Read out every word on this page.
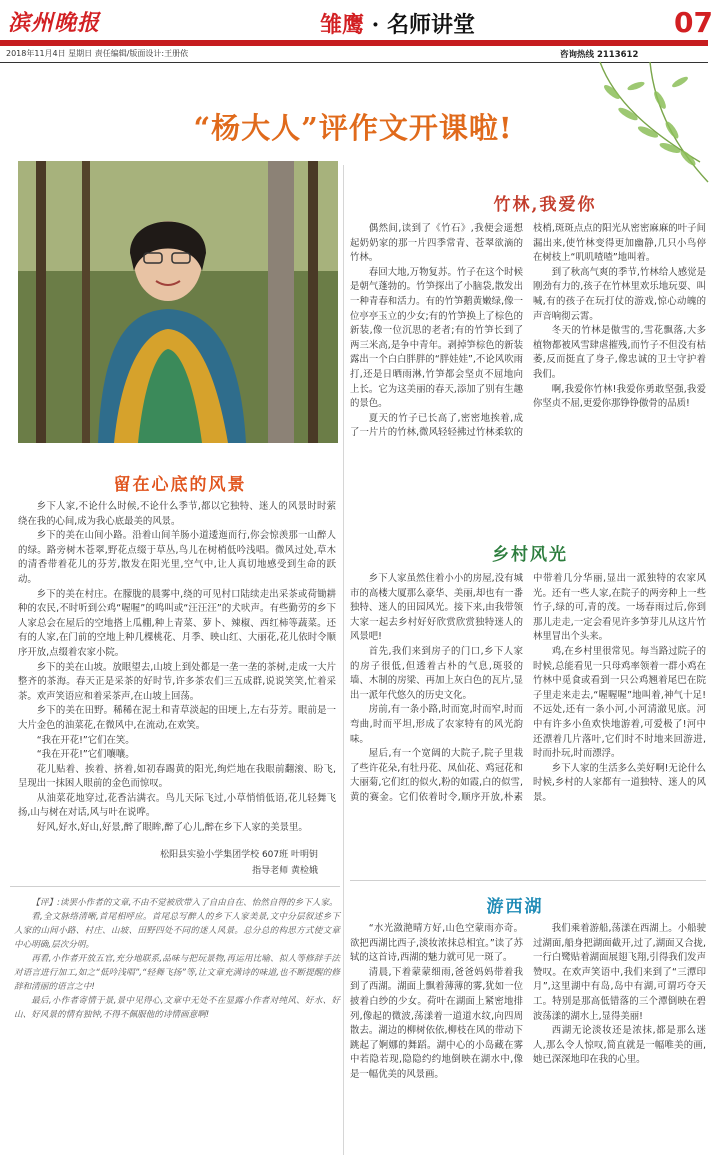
滨州晚报	雏鹰 · 名师讲堂	07
2018年11月4日 星期日 责任编辑/版面设计:王册依	咨询热线 2113612
“杨大人”评作文开课啦!
留在心底的风景

乡下人家,不论什么时候,不论什么季节,都以它独特、迷人的风景时时萦绕在我的心间,成为我心底最美的风景。

乡下的美在山间小路。沿着山间羊肠小道逶迤而行,你会惊羡那一山醉人的绿。路旁树木苍翠,野花点缀于草丛,鸟儿在树梢低吟浅唱。微风过处,草木的清香带着花儿的芬芳,散发在阳光里,空气中,让人真切地感受到生命的跃动。

乡下的美在村庄。在朦胧的晨雾中,绕的可见村口陆续走出采茶或荷锄耕种的农民,不时听到公鸡“喔喔”的鸣叫或“汪汪汪”的犬吠声。有些勤劳的乡下人家总会在屋后的空地搭上瓜棚,种上青菜、萝卜、辣椒、西红柿等蔬菜。还有的人家,在门前的空地上种几棵桃花、月季、映山红、大丽花,花儿依时令顺序开放,点缀着农家小院。

乡下的美在山坡。放眼望去,山坡上到处都是一垄一垄的茶树,走成一大片整齐的茶海。春天正是采茶的好时节,许多茶农们三五成群,说说笑笑,忙着采茶。欢声笑语应和着采茶声,在山坡上回荡。

乡下的美在田野。稀稀在泥土和青草淡起的田埂上,左右芬芳。眼前是一大片金色的油菜花,在微风中,在流动,在欢笑。

“我在开花!”它们在笑。

“我在开花!”它们嚷嚷。

花儿贴着、挨着、挤着,如初春踢黄的阳光,绚烂地在我眼前翻滚、盼飞,呈现出一抹困人眼前的金色而惊叹。

从油菜花地穿过,花香沾满衣。鸟儿天际飞过,小草悄悄低语,花儿轻舞飞扬,山与树在对话,风与叶在说哗。

好风,好水,好山,好景,醉了眼眸,醉了心儿,醉在乡下人家的美景里。

松阳县实验小学集团学校 607班 叶明钥
指导老师 黄检娥

【评】:读罢小作者的文章,不由不觉被欣带入了自由自在、怡然自得的乡下人家。

看,全文脉络清晰,首尾相呼应。首尾总写醉人的乡下人家美景,文中分层叙述乡下人家的山间小路、村庄、山坡、田野四处不同的迷人风景。总分总的构思方式使文章中心明确,层次分明。

再看,小作者开放五官,充分地联系,品味与把玩景物,再运用比喻、拟人等修辞手法对语言进行加工,如之“低吟浅唱”,“轻舞飞扬”等,让文章充满诗的味道,也不断提醒的修辞和清丽的语言之中!

最后,小作者寄情于景,景中见得心,文章中无处不在显露小作者对纯风、好水、好山、好风景的情有独钟,不得不佩服他的诗情画意啊!

竹林,我爱你

偶然间,读到了《竹石》,我便会遥想起奶奶家的那一片四季常青、苍翠欲滴的竹林。

春回大地,万物复苏。竹子在这个时候是朝气蓬勃的。竹笋探出了小脑袋,散发出一种青春和活力。有的竹笋鹅黄嫩绿,像一位亭亭玉立的少女;有的竹笋换上了棕色的新装,像一位沉思的老者;有的竹笋长到了两三米高,是争中青年。剥掉笋棕色的新装露出一个白白胖胖的“胖娃娃”,不论风吹雨打,还是日晒雨淋,竹笋都会坚贞不屈地向上长。它为这美丽的春天,添加了别有生趣的景色。

夏天的竹子已长高了,密密地挨着,成了一片片的竹林,微风轻轻拂过竹林柔软的枝梢,斑斑点点的阳光从密密麻麻的叶子间漏出来,使竹林变得更加幽静,几只小鸟停在树枝上“叽叽喳喳”地叫着。

到了秋高气爽的季节,竹林给人感觉是刚劲有力的,孩子在竹林里欢乐地玩耍、叫喊,有的孩子在玩打仗的游戏,惊心动魄的声音响彻云霄。

冬天的竹林是傲雪的,雪花飘落,大多植物都被风雪肆虐摧残,而竹子不但没有枯萎,反而挺直了身子,像忠诚的卫士守护着我们。

啊,我爱你竹林!我爱你勇敢坚强,我爱你坚贞不屈,更爱你那铮铮傲骨的品质!

乡村风光

乡下人家虽然住着小小的房屋,没有城市的高楼大厦那么豪华、美丽,却也有一番独特、迷人的田园风光。接下来,由我带领大家一起去乡村好好欣赏欣赏独特迷人的风景吧!

首先,我们来到房子的门口,乡下人家的房子很低,但透着古朴的气息,斑驳的墙、木制的房梁、再加上灰白色的瓦片,显出一派年代悠久的历史文化。

房前,有一条小路,时而宽,时而窄,时而弯曲,时而平坦,形成了农家特有的风光韵味。

屋后,有一个宽阔的大院子,院子里栽了些许花朵,有牡丹花、凤仙花、鸡冠花和大丽菊,它们红的似火,粉的如霞,白的似雪,黄的赛金。它们依着时令,顺序开放,朴素中带着几分华丽,显出一派独特的农家风光。还有一些人家,在院子的两旁种上一些竹子,绿的可,青的茂。一场春雨过后,你到那儿走走,一定会看见许多笋芽儿从这片竹林里冒出个头来。

鸡,在乡村里很常见。每当路过院子的时候,总能看见一只母鸡率领着一群小鸡在竹林中觅食或看到一只公鸡翘着尾巴在院子里走来走去,“喔喔喔”地叫着,神气十足!不远处,还有一条小河,小河清澈见底。河中有许多小鱼欢快地游着,可爱极了!河中还漂着几片落叶,它们时不时地来回游进,时而扑玩,时而漂浮。

乡下人家的生活多么美好啊!无论什么时候,乡村的人家都有一道独特、迷人的风景。

游西湖

“水光潋滟晴方好,山色空蒙雨亦奇。欲把西湖比西子,淡妆浓抹总相宜。”读了苏轼的这首诗,西湖的魅力就可见一斑了。

清晨,下着蒙蒙细雨,爸爸妈妈带着我到了西湖。湖面上飘着薄薄的雾,犹如一位披着白纱的少女。荷叶在湖面上紧密地排列,像起的微波,荡漾着一道道水纹,向四周散去。湖边的柳树依依,柳枝在风的带动下跳起了婀娜的舞蹈。湖中心的小岛藏在雾中若隐若现,隐隐约约地倒映在湖水中,像是一幅优美的风景画。

我们乘着游船,荡漾在西湖上。小船驶过湖面,船身把湖面截开,过了,湖面又合拢,一行白鹭贴着湖面展翅飞翔,引得我们发声赞叹。在欢声笑语中,我们来到了“三潭印月”,这里湖中有岛,岛中有湖,可谓巧夺天工。特别是那高低错落的三个潭倒映在碧波荡漾的湖水上,显得美丽!

西湖无论淡妆还是浓抹,都是那么迷人,那么令人惊叹,简直就是一幅唯美的画,她已深深地印在我的心里。
